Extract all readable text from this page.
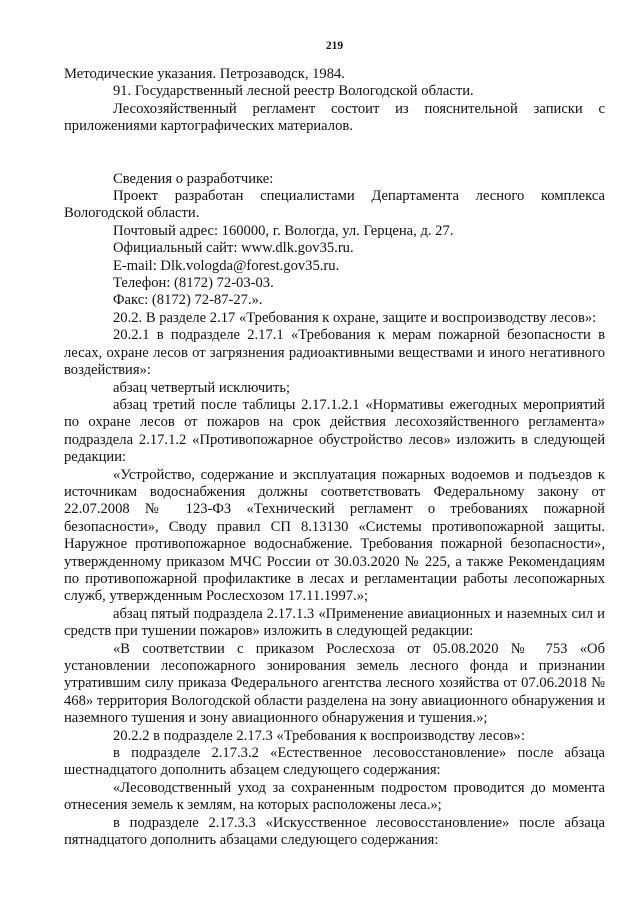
219

Методические указания. Петрозаводск, 1984.

91. Государственный лесной реестр Вологодской области.

Лесохозяйственный регламент состоит из пояснительной записки с приложениями картографических материалов.

Сведения о разработчике:

Проект разработан специалистами Департамента лесного комплекса Вологодской области.

Почтовый адрес: 160000, г. Вологда, ул. Герцена, д. 27.

Официальный сайт: www.dlk.gov35.ru.

E-mail: Dlk.vologda@forest.gov35.ru.

Телефон: (8172) 72-03-03.

Факс: (8172) 72-87-27.».

20.2. В разделе 2.17 «Требования к охране, защите и воспроизводству лесов»:

20.2.1 в подразделе 2.17.1 «Требования к мерам пожарной безопасности в лесах, охране лесов от загрязнения радиоактивными веществами и иного негативного воздействия»:

абзац четвертый исключить;

абзац третий после таблицы 2.17.1.2.1 «Нормативы ежегодных мероприятий по охране лесов от пожаров на срок действия лесохозяйственного регламента» подраздела 2.17.1.2 «Противопожарное обустройство лесов» изложить в следующей редакции:

«Устройство, содержание и эксплуатация пожарных водоемов и подъездов к источникам водоснабжения должны соответствовать Федеральному закону от 22.07.2008 № 123-ФЗ «Технический регламент о требованиях пожарной безопасности», Своду правил СП 8.13130 «Системы противопожарной защиты. Наружное противопожарное водоснабжение. Требования пожарной безопасности», утвержденному приказом МЧС России от 30.03.2020 № 225, а также Рекомендациям по противопожарной профилактике в лесах и регламентации работы лесопожарных служб, утвержденным Рослесхозом 17.11.1997.»;

абзац пятый подраздела 2.17.1.3 «Применение авиационных и наземных сил и средств при тушении пожаров» изложить в следующей редакции:

«В соответствии с приказом Рослесхоза от 05.08.2020 № 753 «Об установлении лесопожарного зонирования земель лесного фонда и признании утратившим силу приказа Федерального агентства лесного хозяйства от 07.06.2018 № 468» территория Вологодской области разделена на зону авиационного обнаружения и наземного тушения и зону авиационного обнаружения и тушения.»;

20.2.2 в подразделе 2.17.3 «Требования к воспроизводству лесов»:

в подразделе 2.17.3.2 «Естественное лесовосстановление» после абзаца шестнадцатого дополнить абзацем следующего содержания:

«Лесоводственный уход за сохраненным подростом проводится до момента отнесения земель к землям, на которых расположены леса.»;

в подразделе 2.17.3.3 «Искусственное лесовосстановление» после абзаца пятнадцатого дополнить абзацами следующего содержания:
